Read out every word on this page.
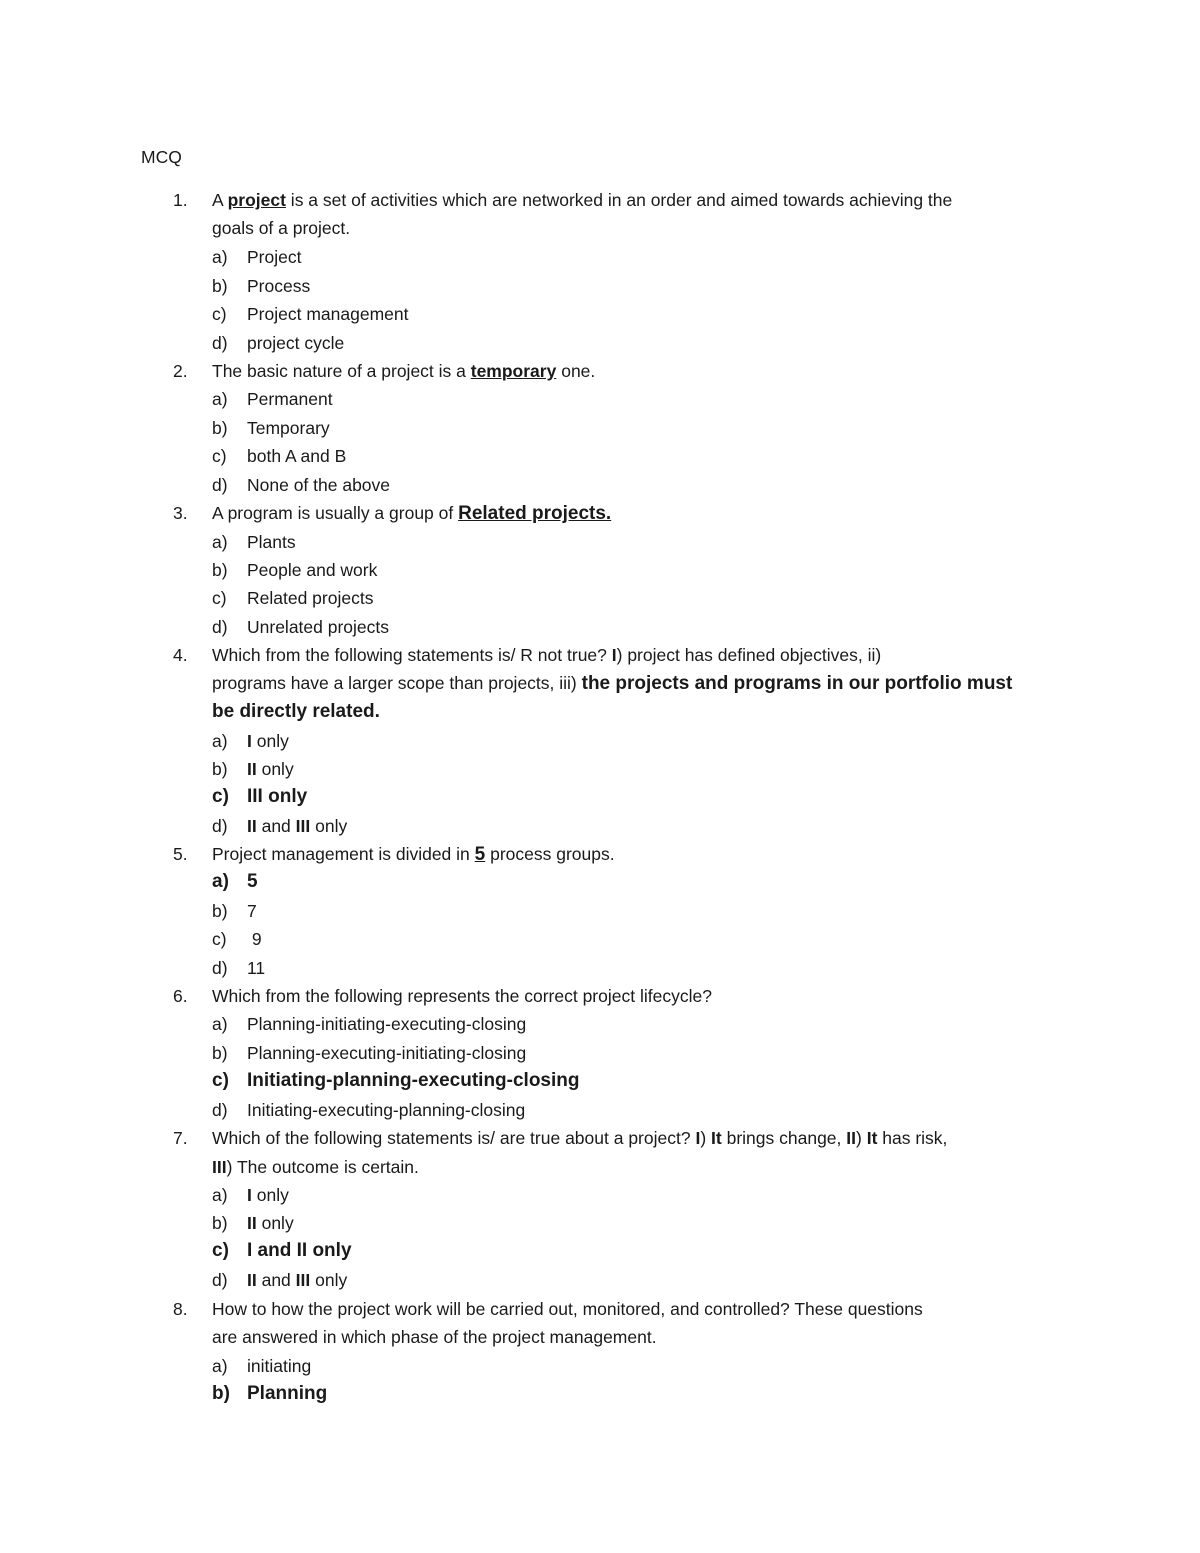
MCQ
1. A project is a set of activities which are networked in an order and aimed towards achieving the
goals of a project.
a) Project
b) Process
c) Project management
d) project cycle
2. The basic nature of a project is a temporary one.
a) Permanent
b) Temporary
c) both A and B
d) None of the above
3. A program is usually a group of Related projects.
a) Plants
b) People and work
c) Related projects
d) Unrelated projects
4. Which from the following statements is/ R not true? I) project has defined objectives, ii)
programs have a larger scope than projects, iii) the projects and programs in our portfolio must
be directly related.
a) I only
b) II only
c) III only
d) II and III only
5. Project management is divided in 5 process groups.
a) 5
b) 7
c) 9
d) 11
6. Which from the following represents the correct project lifecycle?
a) Planning-initiating-executing-closing
b) Planning-executing-initiating-closing
c) Initiating-planning-executing-closing
d) Initiating-executing-planning-closing
7. Which of the following statements is/ are true about a project? I) It brings change, II) It has risk,
III) The outcome is certain.
a) I only
b) II only
c) I and II only
d) II and III only
8. How to how the project work will be carried out, monitored, and controlled? These questions
are answered in which phase of the project management.
a) initiating
b) Planning
